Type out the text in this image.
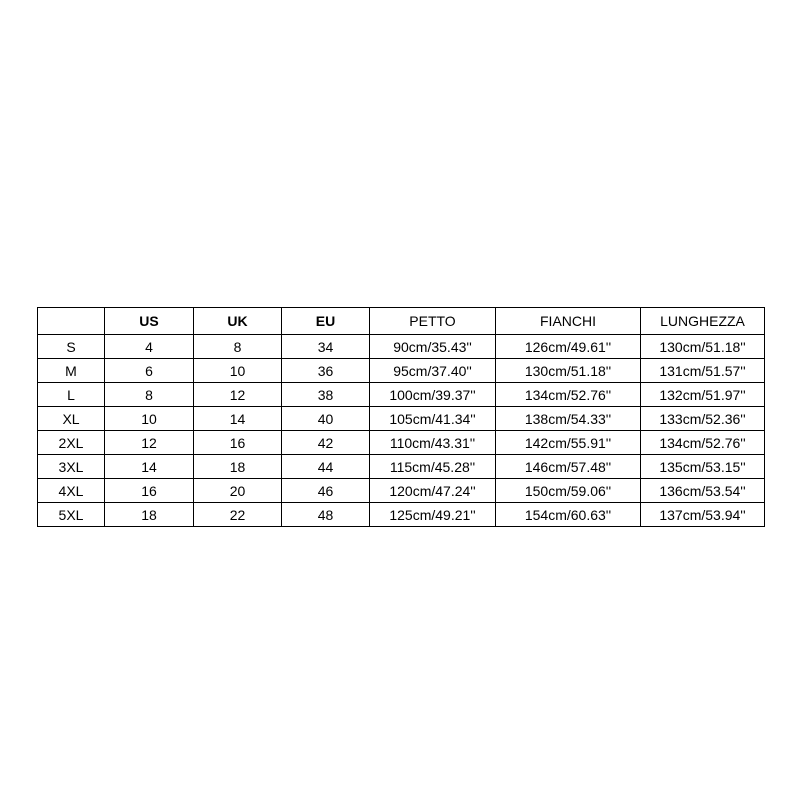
	US	UK	EU	PETTO	FIANCHI	LUNGHEZZA
S	4	8	34	90cm/35.43''	126cm/49.61''	130cm/51.18''
M	6	10	36	95cm/37.40''	130cm/51.18''	131cm/51.57''
L	8	12	38	100cm/39.37''	134cm/52.76''	132cm/51.97''
XL	10	14	40	105cm/41.34''	138cm/54.33''	133cm/52.36''
2XL	12	16	42	110cm/43.31''	142cm/55.91''	134cm/52.76''
3XL	14	18	44	115cm/45.28''	146cm/57.48''	135cm/53.15''
4XL	16	20	46	120cm/47.24''	150cm/59.06''	136cm/53.54''
5XL	18	22	48	125cm/49.21''	154cm/60.63''	137cm/53.94''
